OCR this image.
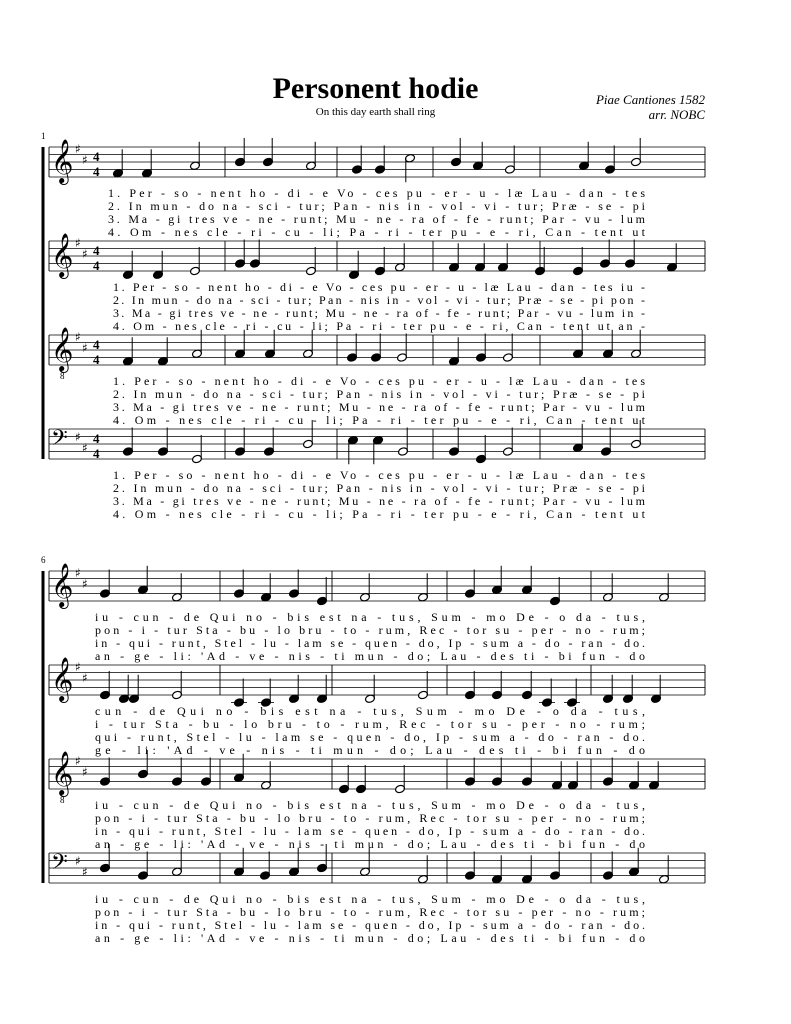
Personent hodie
On this day earth shall ring
Piae Cantiones 1582
arr. NOBC
1
𝄞 ♯
♯ 4
4
1. Per - so - nent ho - di - e Vo - ces pu - er - u - læ Lau - dan - tes
2. In mun - do na - sci - tur; Pan - nis in - vol - vi - tur; Præ - se - pi
3. Ma - gi tres ve - ne - runt; Mu - ne - ra of - fe - runt; Par - vu - lum
4. Om - nes cle - ri - cu - li; Pa - ri - ter pu - e - ri, Can - tent ut
𝄞 ♯
♯ 4
4
1. Per - so - nent ho - di - e Vo - ces pu - er - u - læ Lau - dan - tes iu -
2. In mun - do na - sci - tur; Pan - nis in - vol - vi - tur; Præ - se - pi pon -
3. Ma - gi tres ve - ne - runt; Mu - ne - ra of - fe - runt; Par - vu - lum in -
4. Om - nes cle - ri - cu - li; Pa - ri - ter pu - e - ri, Can - tent ut an -
𝄞
8
♯
♯ 4
4
1. Per - so - nent ho - di - e Vo - ces pu - er - u - læ Lau - dan - tes
2. In mun - do na - sci - tur; Pan - nis in - vol - vi - tur; Præ - se - pi
3. Ma - gi tres ve - ne - runt; Mu - ne - ra of - fe - runt; Par - vu - lum
4. Om - nes cle - ri - cu - li; Pa - ri - ter pu - e - ri, Can - tent ut
𝄢 ♯
♯
4
4
1. Per - so - nent ho - di - e Vo - ces pu - er - u - læ Lau - dan - tes
2. In mun - do na - sci - tur; Pan - nis in - vol - vi - tur; Præ - se - pi
3. Ma - gi tres ve - ne - runt; Mu - ne - ra of - fe - runt; Par - vu - lum
4. Om - nes cle - ri - cu - li; Pa - ri - ter pu - e - ri, Can - tent ut
6
𝄞 ♯
♯
iu - cun - de Qui no - bis est na - tus, Sum - mo De - o da - tus,
pon - i - tur Sta - bu - lo bru - to - rum, Rec - tor su - per - no - rum;
in - qui - runt, Stel - lu - lam se - quen - do, Ip - sum a - do - ran - do.
an - ge - li: 'Ad - ve - nis - ti mun - do; Lau - des ti - bi fun - do
𝄞 ♯
♯
cun - de Qui no - bis est na - tus, Sum - mo De - o da - tus,
i - tur Sta - bu - lo bru - to - rum, Rec - tor su - per - no - rum;
qui - runt, Stel - lu - lam se - quen - do, Ip - sum a - do - ran - do.
ge - li: 'Ad - ve - nis - ti mun - do; Lau - des ti - bi fun - do
𝄞
8
♯
♯
iu - cun - de Qui no - bis est na - tus, Sum - mo De - o da - tus,
pon - i - tur Sta - bu - lo bru - to - rum, Rec - tor su - per - no - rum;
in - qui - runt, Stel - lu - lam se - quen - do, Ip - sum a - do - ran - do.
an - ge - li: 'Ad - ve - nis - ti mun - do; Lau - des ti - bi fun - do
𝄢 ♯
♯
iu - cun - de Qui no - bis est na - tus, Sum - mo De - o da - tus,
pon - i - tur Sta - bu - lo bru - to - rum, Rec - tor su - per - no - rum;
in - qui - runt, Stel - lu - lam se - quen - do, Ip - sum a - do - ran - do.
an - ge - li: 'Ad - ve - nis - ti mun - do; Lau - des ti - bi fun - do
